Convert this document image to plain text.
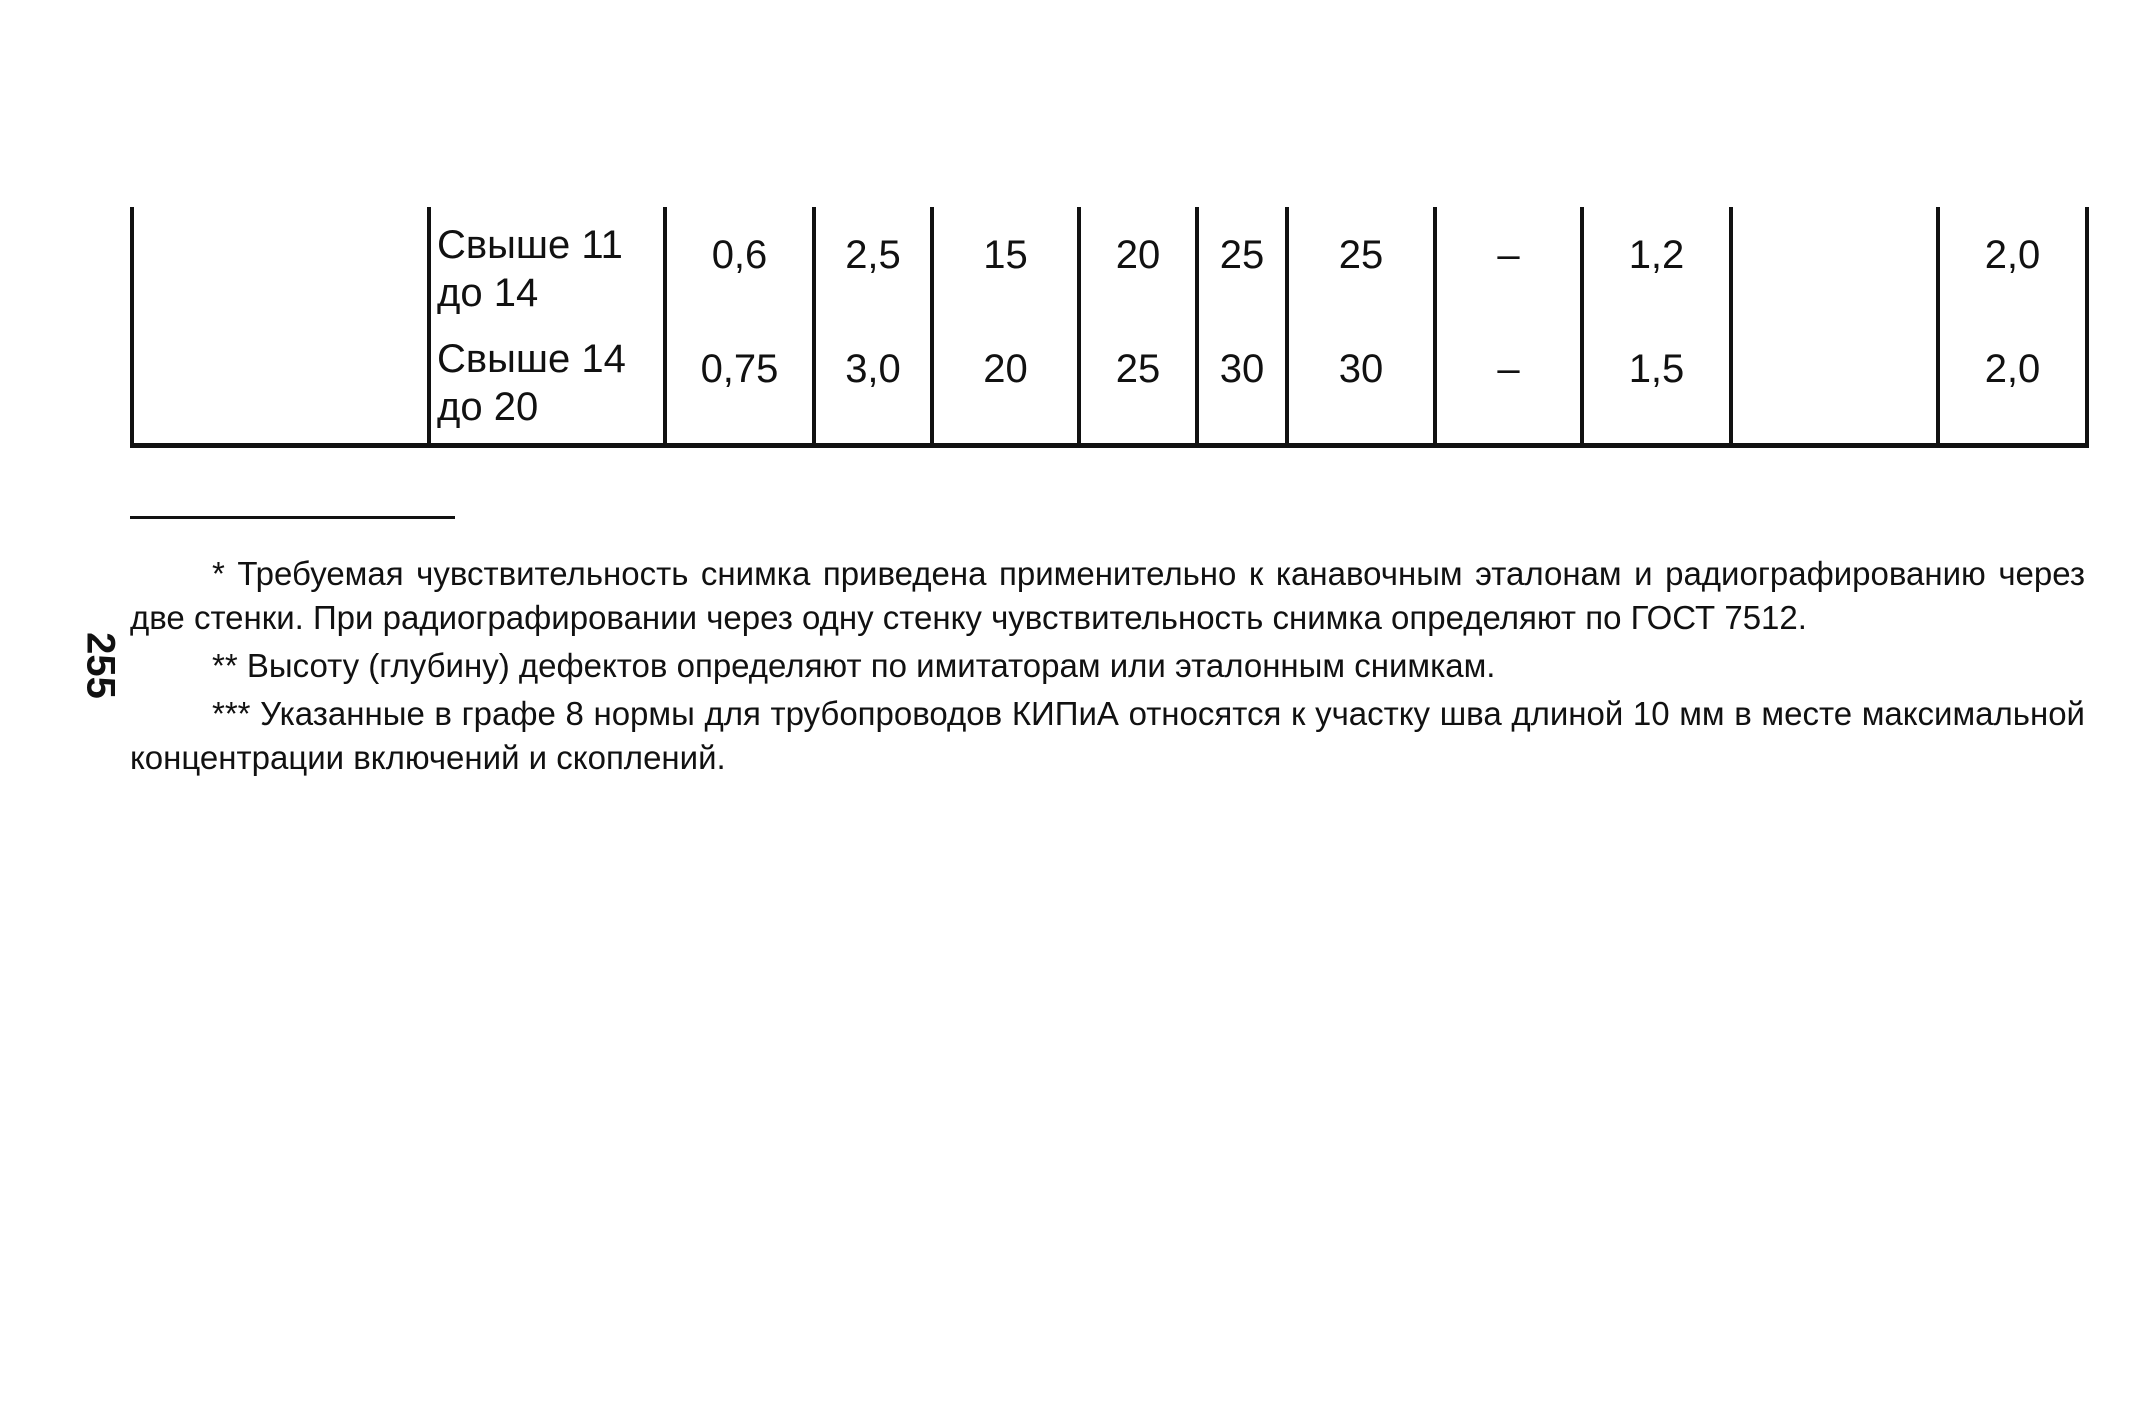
255
	Свыше 11
до 14	0,6	2,5	15	20	25	25	–	1,2		2,0

	Свыше 14
до 20	0,75	3,0	20	25	30	30	–	1,5		2,0

* Требуемая чувствительность снимка приведена применительно к канавочным эталонам и радиографированию через две стенки. При радиографировании через одну стенку чувствительность снимка определяют по ГОСТ 7512.

** Высоту (глубину) дефектов определяют по имитаторам или эталонным снимкам.

*** Указанные в графе 8 нормы для трубопроводов КИПиА относятся к участку шва длиной 10 мм в месте максимальной концентрации включений и скоплений.
